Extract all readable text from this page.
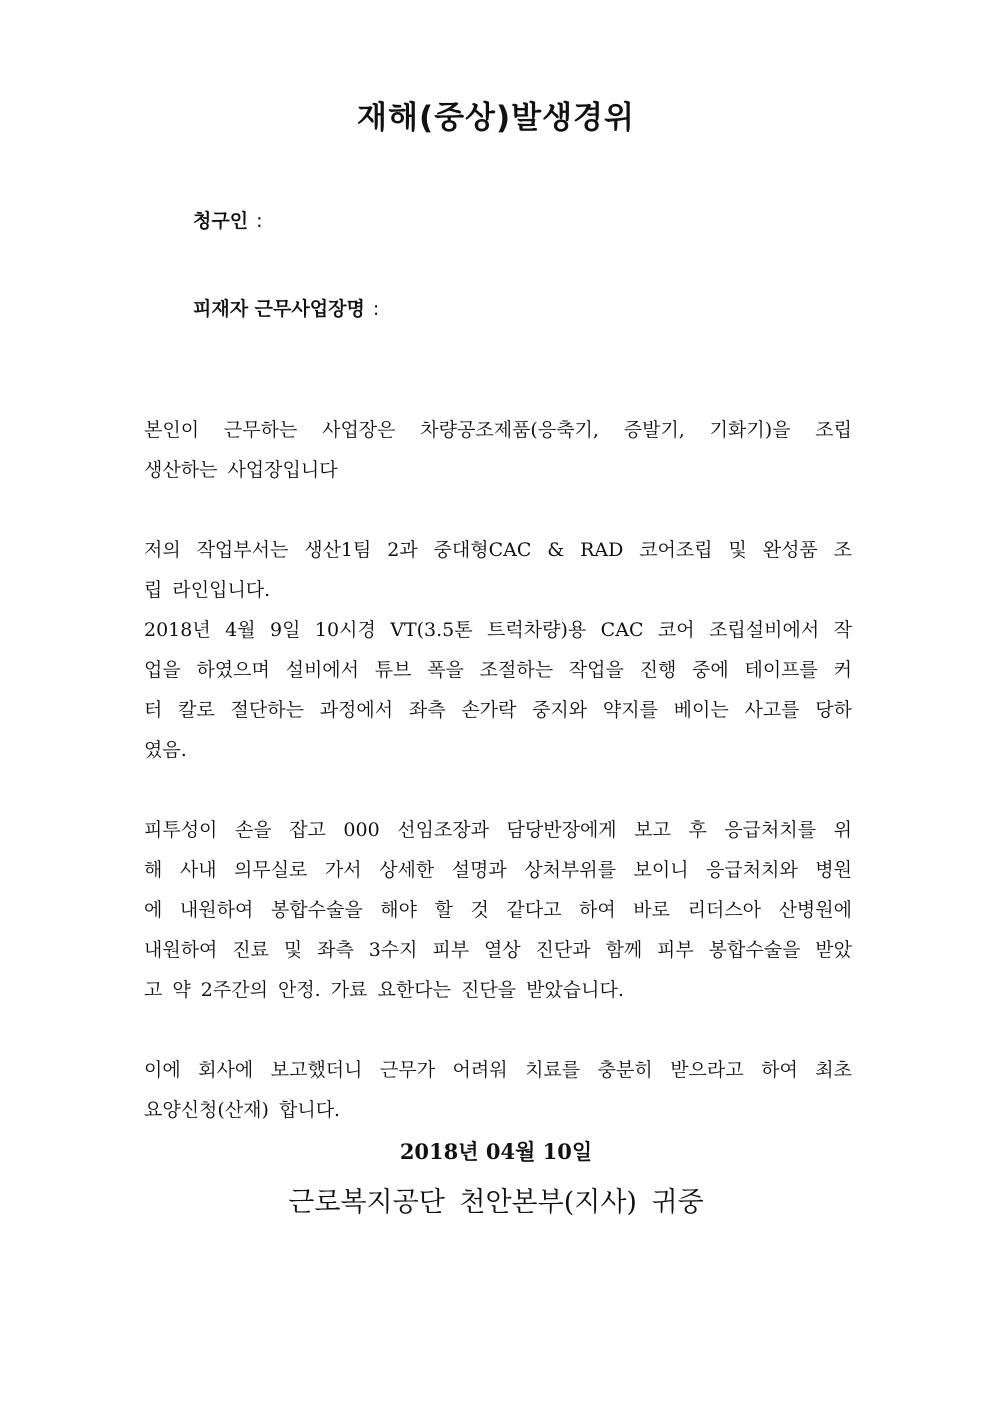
재해(중상)발생경위
청구인 :
피재자 근무사업장명 :
본인이 근무하는 사업장은 차량공조제품(응축기, 증발기, 기화기)을 조립
생산하는 사업장입니다
저의 작업부서는 생산1팀 2과 중대형CAC & RAD 코어조립 및 완성품 조
립 라인입니다.
2018년 4월 9일 10시경 VT(3.5톤 트럭차량)용 CAC 코어 조립설비에서 작
업을 하였으며 설비에서 튜브 폭을 조절하는 작업을 진행 중에 테이프를 커
터 칼로 절단하는 과정에서 좌측 손가락 중지와 약지를 베이는 사고를 당하
였음.
피투성이 손을 잡고 000 선임조장과 담당반장에게 보고 후 응급처치를 위
해 사내 의무실로 가서 상세한 설명과 상처부위를 보이니 응급처치와 병원
에 내원하여 봉합수술을 해야 할 것 같다고 하여 바로 리더스아 산병원에
내원하여 진료 및 좌측 3수지 피부 열상 진단과 함께 피부 봉합수술을 받았
고 약 2주간의 안정. 가료 요한다는 진단을 받았습니다.
이에 회사에 보고했더니 근무가 어려워 치료를 충분히 받으라고 하여 최초
요양신청(산재) 합니다.
2018년 04월 10일
근로복지공단 천안본부(지사) 귀중
